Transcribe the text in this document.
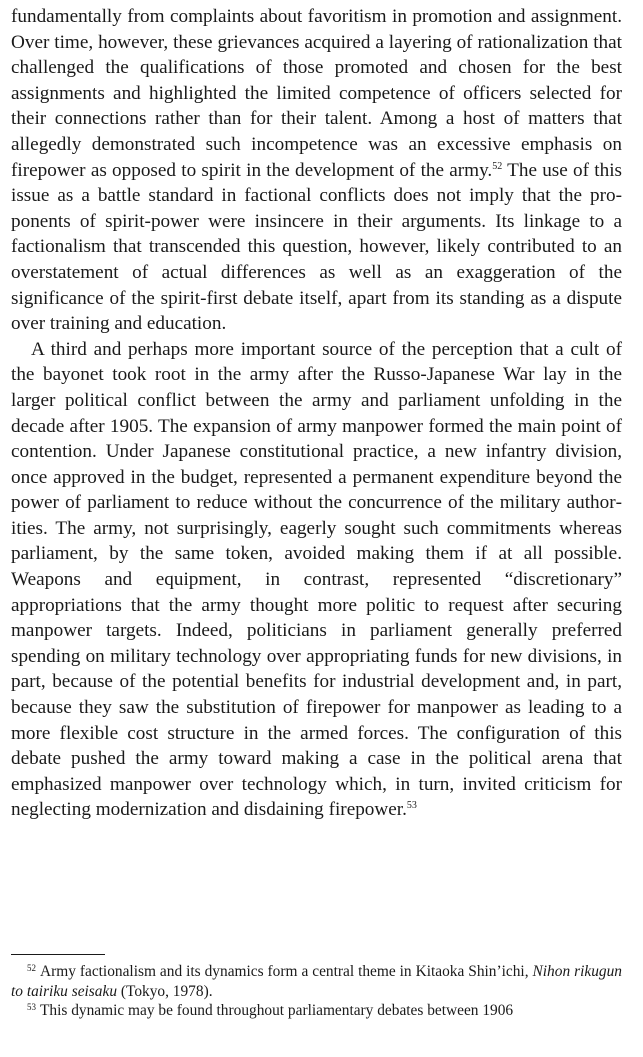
fundamentally from complaints about favoritism in promotion and assignment. Over time, however, these grievances acquired a layering of rationalization that challenged the qualifications of those promoted and chosen for the best assignments and highlighted the limited competence of officers selected for their connections rather than for their talent. Among a host of matters that allegedly demonstrated such incompetence was an excessive emphasis on firepower as opposed to spirit in the development of the army.$^{52}$ The use of this issue as a battle standard in factional conflicts does not imply that the proponents of spirit-power were insincere in their arguments. Its linkage to a factionalism that transcended this question, however, likely contributed to an overstatement of actual differences as well as an exaggeration of the significance of the spirit-first debate itself, apart from its standing as a dispute over training and education.

A third and perhaps more important source of the perception that a cult of the bayonet took root in the army after the Russo-Japanese War lay in the larger political conflict between the army and parliament unfolding in the decade after 1905. The expansion of army manpower formed the main point of contention. Under Japanese constitutional practice, a new infantry division, once approved in the budget, represented a permanent expenditure beyond the power of parliament to reduce without the concurrence of the military authorities. The army, not surprisingly, eagerly sought such commitments whereas parliament, by the same token, avoided making them if at all possible. Weapons and equipment, in contrast, represented “discretionary” appropriations that the army thought more politic to request after securing manpower targets. Indeed, politicians in parliament generally preferred spending on military technology over appropriating funds for new divisions, in part, because of the potential benefits for industrial development and, in part, because they saw the substitution of firepower for manpower as leading to a more flexible cost structure in the armed forces. The configuration of this debate pushed the army toward making a case in the political arena that emphasized manpower over technology which, in turn, invited criticism for neglecting modernization and disdaining firepower.$^{53}$

$^{52}$ Army factionalism and its dynamics form a central theme in Kitaoka Shin’ichi, Nihon rikugun to tairiku seisaku (Tokyo, 1978).

$^{53}$ This dynamic may be found throughout parliamentary debates between 1906
